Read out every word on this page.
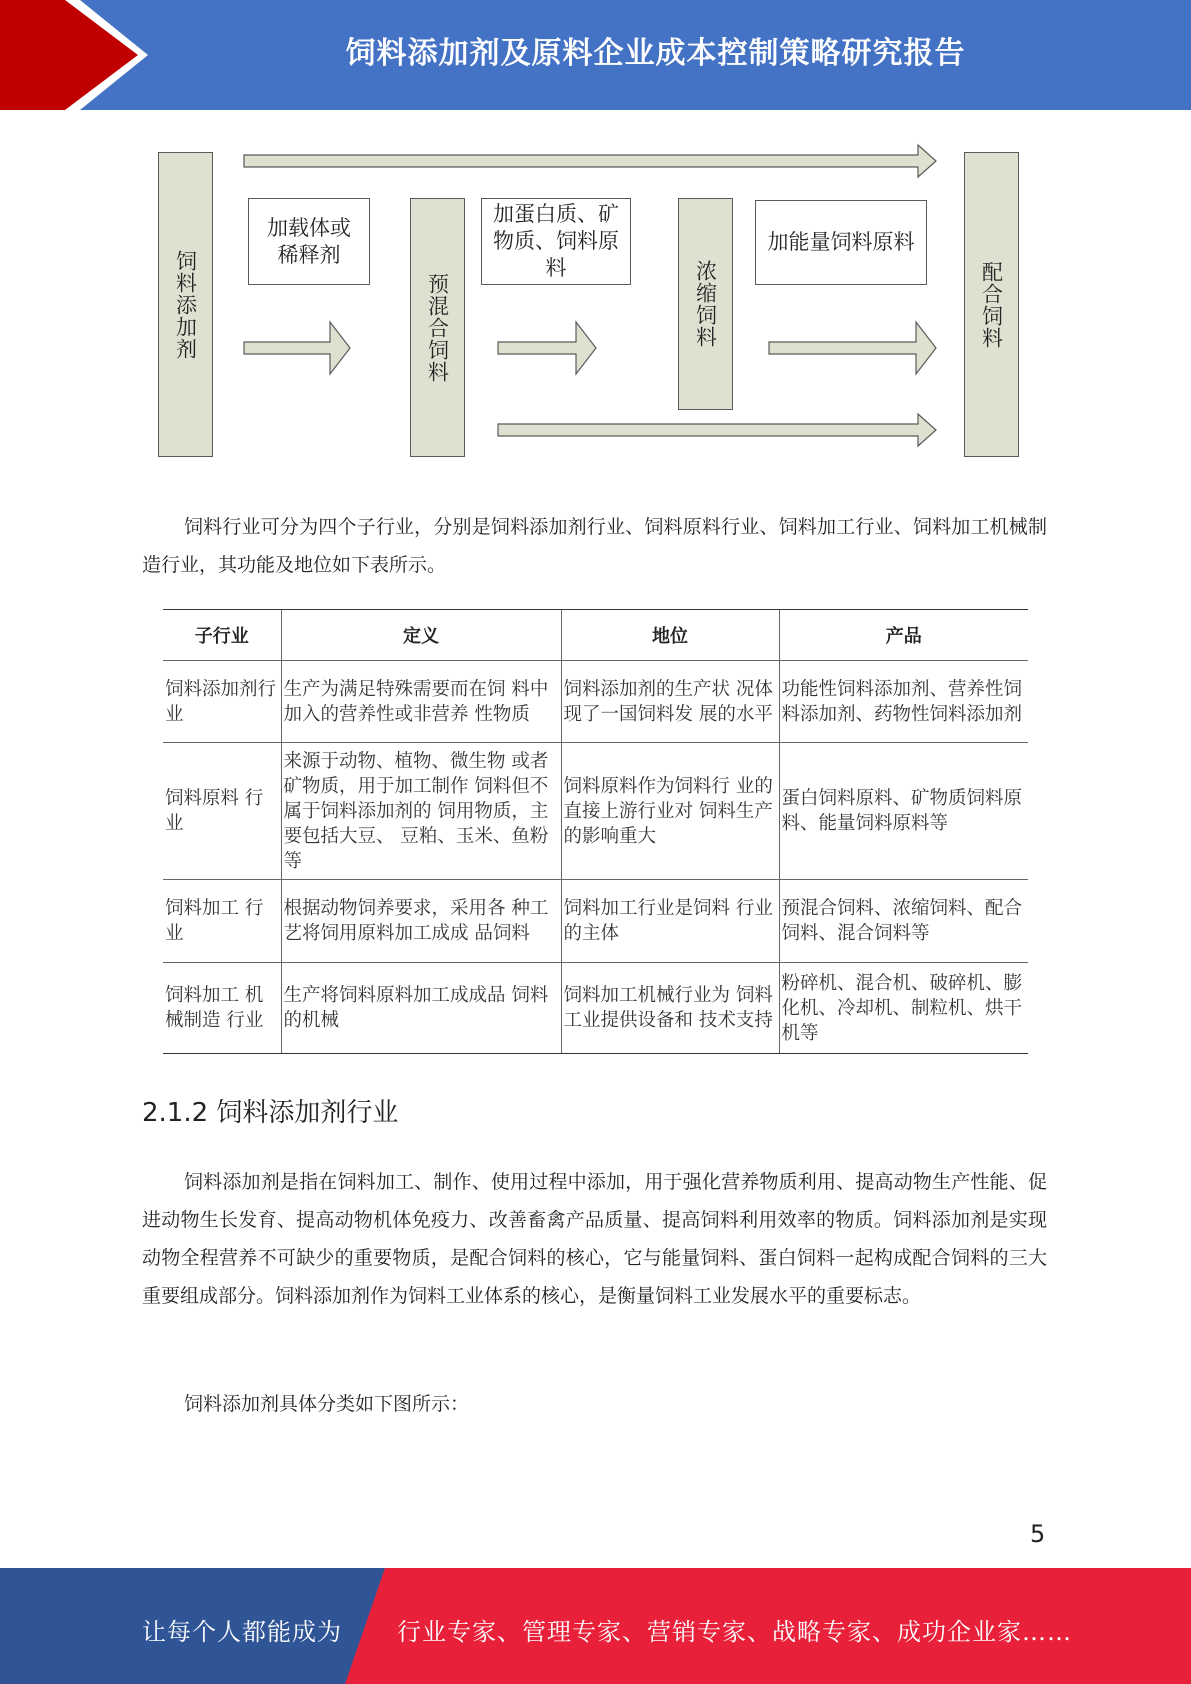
饲料添加剂及原料企业成本控制策略研究报告
饲料添加剂
加载体或稀释剂
预混合饲料
加蛋白质、矿物质、饲料原料	浓缩饲料
加能量饲料原料
配合饲料

饲料行业可分为四个子行业，分别是饲料添加剂行业、饲料原料行业、饲料加工行业、饲料加工机械制造行业，其功能及地位如下表所示。

子行业	定义	地位	产品
饲料添加剂行业	生产为满足特殊需要而在饲 料中加入的营养性或非营养 性物质	饲料添加剂的生产状 况体现了一国饲料发 展的水平	功能性饲料添加剂、营养性饲料添加剂、药物性饲料添加剂
饲料原料 行业	来源于动物、植物、微生物 或者矿物质，用于加工制作 饲料但不属于饲料添加剂的 饲用物质，主要包括大豆、 豆粕、玉米、鱼粉等	饲料原料作为饲料行 业的直接上游行业对 饲料生产的影响重大	蛋白饲料原料、矿物质饲料原料、能量饲料原料等
饲料加工 行业	根据动物饲养要求，采用各 种工艺将饲用原料加工成成 品饲料	饲料加工行业是饲料 行业的主体	预混合饲料、浓缩饲料、配合饲料、混合饲料等
饲料加工 机械制造 行业	生产将饲料原料加工成成品 饲料的机械	饲料加工机械行业为 饲料工业提供设备和 技术支持	粉碎机、混合机、破碎机、膨化机、冷却机、制粒机、烘干机等
2.1.2 饲料添加剂行业

饲料添加剂是指在饲料加工、制作、使用过程中添加，用于强化营养物质利用、提高动物生产性能、促进动物生长发育、提高动物机体免疫力、改善畜禽产品质量、提高饲料利用效率的物质。饲料添加剂是实现动物全程营养不可缺少的重要物质，是配合饲料的核心，它与能量饲料、蛋白饲料一起构成配合饲料的三大重要组成部分。饲料添加剂作为饲料工业体系的核心，是衡量饲料工业发展水平的重要标志。

饲料添加剂具体分类如下图所示：

5
让每个人都能成为 行业专家、管理专家、营销专家、战略专家、成功企业家……
